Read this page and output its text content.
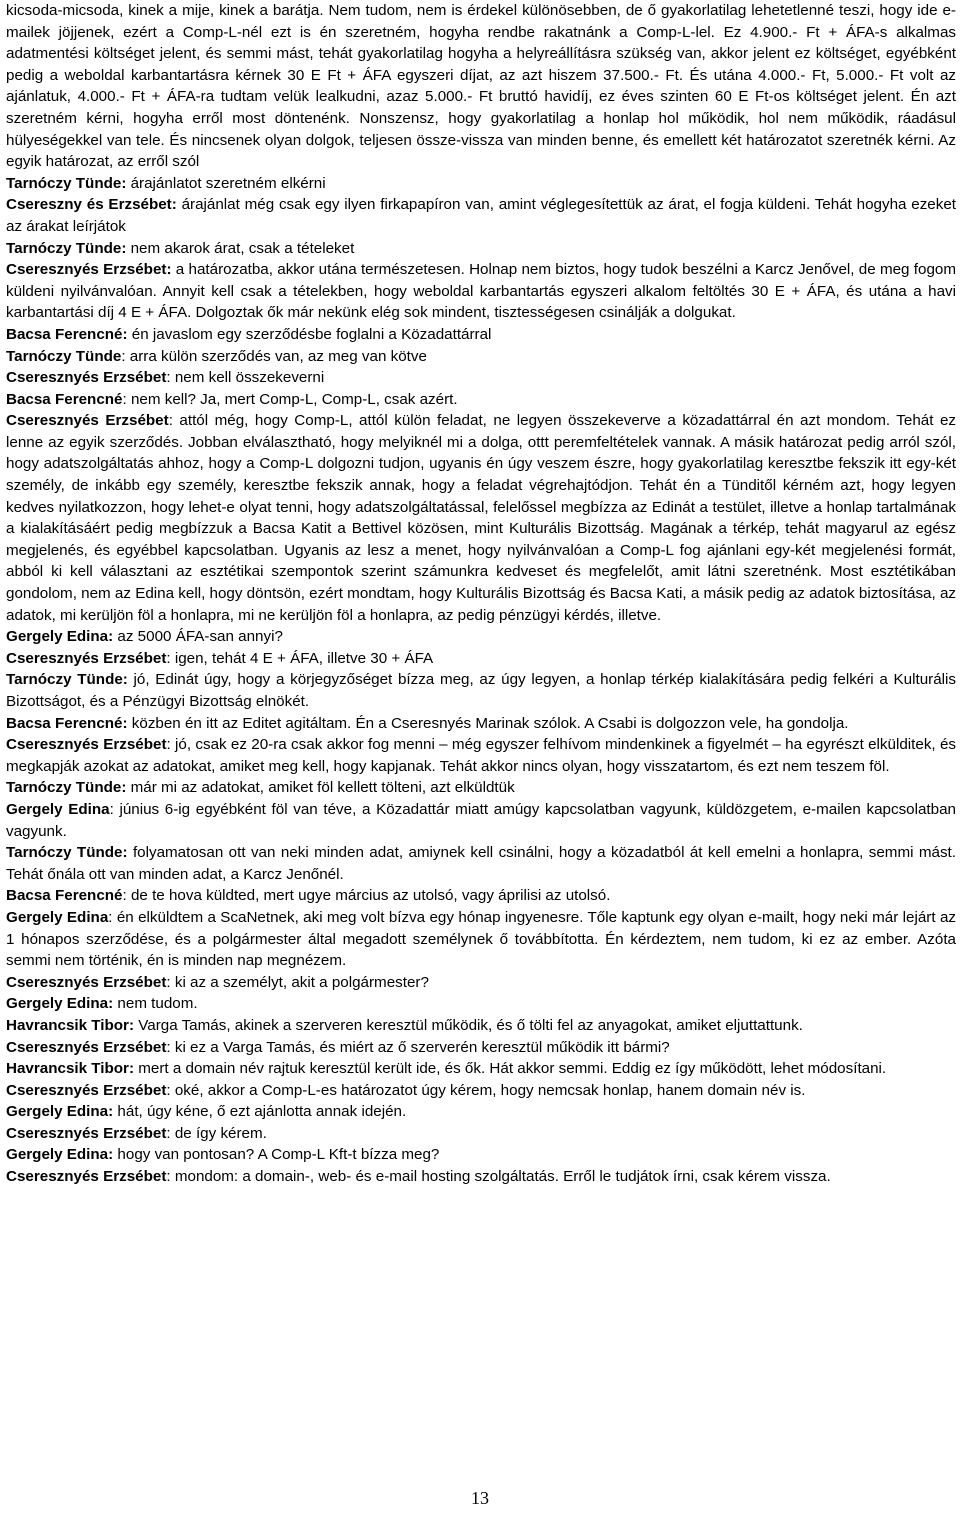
kicsoda-micsoda, kinek a mije, kinek a barátja. Nem tudom, nem is érdekel különösebben, de ő gyakorlatilag lehetetlenné teszi, hogy ide e-mailek jöjjenek, ezért a Comp-L-nél ezt is én szeretném, hogyha rendbe rakatnánk a Comp-L-lel. Ez 4.900.- Ft + ÁFA-s alkalmas adatmentési költséget jelent, és semmi mást, tehát gyakorlatilag hogyha a helyreállításra szükség van, akkor jelent ez költséget, egyébként pedig a weboldal karbantartásra kérnek 30 E Ft + ÁFA egyszeri díjat, az azt hiszem 37.500.- Ft. És utána 4.000.- Ft, 5.000.- Ft volt az ajánlatuk, 4.000.- Ft + ÁFA-ra tudtam velük lealkudni, azaz 5.000.- Ft bruttó havidíj, ez éves szinten 60 E Ft-os költséget jelent. Én azt szeretném kérni, hogyha erről most döntenénk. Nonszensz, hogy gyakorlatilag a honlap hol működik, hol nem működik, ráadásul hülyeségekkel van tele. És nincsenek olyan dolgok, teljesen össze-vissza van minden benne, és emellett két határozatot szeretnék kérni. Az egyik határozat, az erről szól

Tarnóczy Tünde: árajánlatot szeretném elkérni

Csereszny és Erzsébet: árajánlat még csak egy ilyen firkapapíron van, amint véglegesítettük az árat, el fogja küldeni. Tehát hogyha ezeket az árakat leírjátok

Tarnóczy Tünde: nem akarok árat, csak a tételeket

Cseresznyés Erzsébet: a határozatba, akkor utána természetesen. Holnap nem biztos, hogy tudok beszélni a Karcz Jenővel, de meg fogom küldeni nyilvánvalóan. Annyit kell csak a tételekben, hogy weboldal karbantartás egyszeri alkalom feltöltés 30 E + ÁFA, és utána a havi karbantartási díj 4 E + ÁFA. Dolgoztak ők már nekünk elég sok mindent, tisztességesen csinálják a dolgukat.

Bacsa Ferencné: én javaslom egy szerződésbe foglalni a Közadattárral

Tarnóczy Tünde: arra külön szerződés van, az meg van kötve

Cseresznyés Erzsébet: nem kell összekeverni

Bacsa Ferencné: nem kell? Ja, mert Comp-L, Comp-L, csak azért.

Cseresznyés Erzsébet: attól még, hogy Comp-L, attól külön feladat, ne legyen összekeverve a közadattárral én azt mondom. Tehát ez lenne az egyik szerződés. Jobban elválasztható, hogy melyiknél mi a dolga, ottt peremfeltételek vannak. A másik határozat pedig arról szól, hogy adatszolgáltatás ahhoz, hogy a Comp-L dolgozni tudjon, ugyanis én úgy veszem észre, hogy gyakorlatilag keresztbe fekszik itt egy-két személy, de inkább egy személy, keresztbe fekszik annak, hogy a feladat végrehajtódjon. Tehát én a Tünditől kérném azt, hogy legyen kedves nyilatkozzon, hogy lehet-e olyat tenni, hogy adatszolgáltatással, felelőssel megbízza az Edinát a testület, illetve a honlap tartalmának a kialakításáért pedig megbízzuk a Bacsa Katit a Bettivel közösen, mint Kulturális Bizottság. Magának a térkép, tehát magyarul az egész megjelenés, és egyébbel kapcsolatban. Ugyanis az lesz a menet, hogy nyilvánvalóan a Comp-L fog ajánlani egy-két megjelenési formát, abból ki kell választani az esztétikai szempontok szerint számunkra kedveset és megfelelőt, amit látni szeretnénk. Most esztétikában gondolom, nem az Edina kell, hogy döntsön, ezért mondtam, hogy Kulturális Bizottság és Bacsa Kati, a másik pedig az adatok biztosítása, az adatok, mi kerüljön föl a honlapra, mi ne kerüljön föl a honlapra, az pedig pénzügyi kérdés, illetve.

Gergely Edina: az 5000 ÁFA-san annyi?

Cseresznyés Erzsébet: igen, tehát 4 E + ÁFA, illetve 30 + ÁFA

Tarnóczy Tünde: jó, Edinát úgy, hogy a körjegyzőséget bízza meg, az úgy legyen, a honlap térkép kialakítására pedig felkéri a Kulturális Bizottságot, és a Pénzügyi Bizottság elnökét.

Bacsa Ferencné: közben én itt az Editet agitáltam. Én a Cseresnyés Marinak szólok. A Csabi is dolgozzon vele, ha gondolja.

Cseresznyés Erzsébet: jó, csak ez 20-ra csak akkor fog menni – még egyszer felhívom mindenkinek a figyelmét – ha egyrészt elkülditek, és megkapják azokat az adatokat, amiket meg kell, hogy kapjanak. Tehát akkor nincs olyan, hogy visszatartom, és ezt nem teszem föl.

Tarnóczy Tünde: már mi az adatokat, amiket föl kellett tölteni, azt elküldtük

Gergely Edina: június 6-ig egyébként föl van téve, a Közadattár miatt amúgy kapcsolatban vagyunk, küldözgetem, e-mailen kapcsolatban vagyunk.

Tarnóczy Tünde: folyamatosan ott van neki minden adat, amiynek kell csinálni, hogy a közadatból át kell emelni a honlapra, semmi mást. Tehát őnála ott van minden adat, a Karcz Jenőnél.

Bacsa Ferencné: de te hova küldted, mert ugye március az utolsó, vagy áprilisi az utolsó.

Gergely Edina: én elküldtem a ScaNetnek, aki meg volt bízva egy hónap ingyenesre. Tőle kaptunk egy olyan e-mailt, hogy neki már lejárt az 1 hónapos szerződése, és a polgármester által megadott személynek ő továbbította. Én kérdeztem, nem tudom, ki ez az ember. Azóta semmi nem történik, én is minden nap megnézem.

Cseresznyés Erzsébet: ki az a személyt, akit a polgármester?

Gergely Edina: nem tudom.

Havrancsik Tibor: Varga Tamás, akinek a szerveren keresztül működik, és ő tölti fel az anyagokat, amiket eljuttattunk.

Cseresznyés Erzsébet: ki ez a Varga Tamás, és miért az ő szerverén keresztül működik itt bármi?

Havrancsik Tibor: mert a domain név rajtuk keresztül került ide, és ők. Hát akkor semmi. Eddig ez így működött, lehet módosítani.

Cseresznyés Erzsébet: oké, akkor a Comp-L-es határozatot úgy kérem, hogy nemcsak honlap, hanem domain név is.

Gergely Edina: hát, úgy kéne, ő ezt ajánlotta annak idején.

Cseresznyés Erzsébet: de így kérem.

Gergely Edina: hogy van pontosan? A Comp-L Kft-t bízza meg?

Cseresznyés Erzsébet: mondom: a domain-, web- és e-mail hosting szolgáltatás. Erről le tudjátok írni, csak kérem vissza.

13
